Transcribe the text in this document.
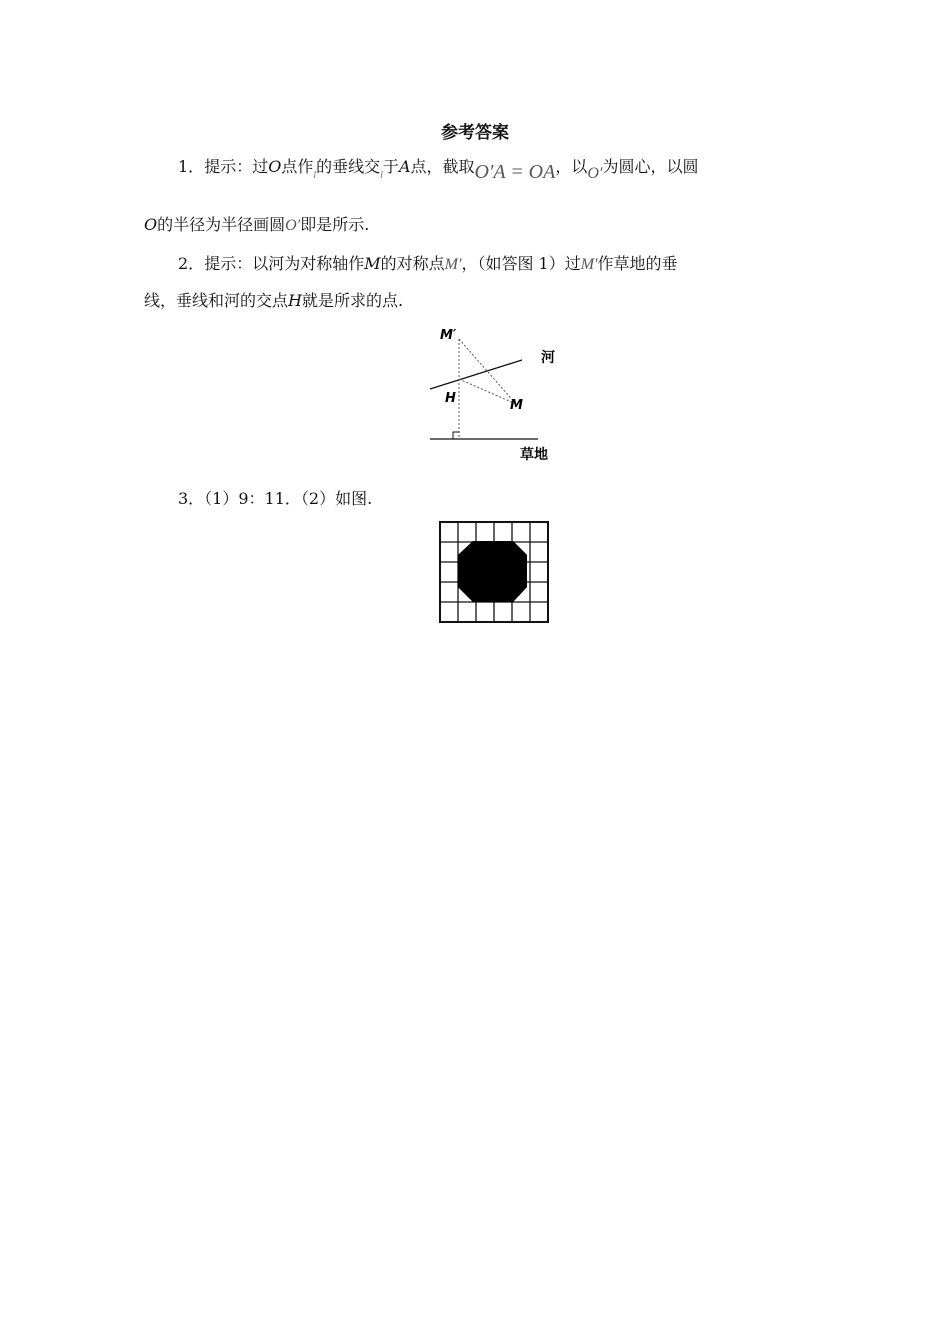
参考答案
1．提示：过O点作$_l$的垂线交$_l$于A点，截取O′A = OA，以O′为圆心，以圆
O的半径为半径画圆O′即是所示.
2．提示：以河为对称轴作M的对称点M′，（如答图 1）过M′作草地的垂
线，垂线和河的交点H就是所求的点.
M′
河
H	M
草地
3．（1）9：11．（2）如图.
